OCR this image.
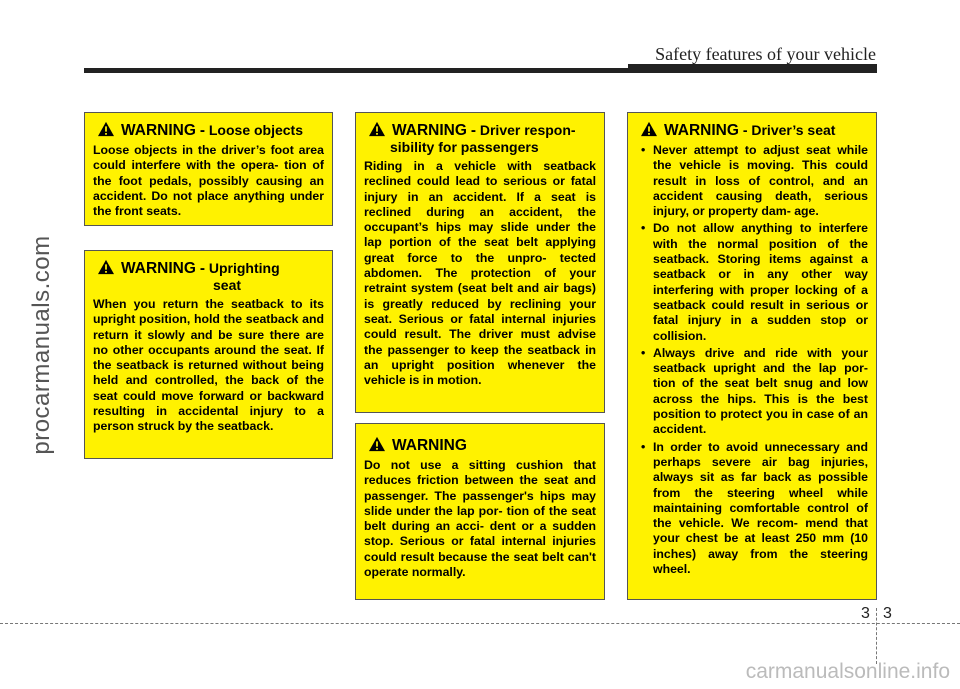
Safety features of your vehicle
procarmanuals.com
WARNING - Loose objects

Loose objects in the driver’s foot area could interfere with the opera- tion of the foot pedals, possibly causing an accident. Do not place anything under the front seats.

WARNING - Uprighting
seat

When you return the seatback to its upright position, hold the seatback and return it slowly and be sure there are no other occupants around the seat. If the seatback is returned without being held and controlled, the back of the seat could move forward or backward resulting in accidental injury to a person struck by the seatback.

WARNING - Driver respon-
sibility for passengers

Riding in a vehicle with seatback reclined could lead to serious or fatal injury in an accident. If a seat is reclined during an accident, the occupant’s hips may slide under the lap portion of the seat belt applying great force to the unpro- tected abdomen. The protection of your retraint system (seat belt and air bags) is greatly reduced by reclining your seat. Serious or fatal internal injuries could result. The driver must advise the passenger to keep the seatback in an upright position whenever the vehicle is in motion.

WARNING

Do not use a sitting cushion that reduces friction between the seat and passenger. The passenger's hips may slide under the lap por- tion of the seat belt during an acci- dent or a sudden stop. Serious or fatal internal injuries could result because the seat belt can't operate normally.

WARNING - Driver’s seat
• Never attempt to adjust seat while the vehicle is moving. This could result in loss of control, and an accident causing death, serious injury, or property dam- age.
• Do not allow anything to interfere with the normal position of the seatback. Storing items against a seatback or in any other way interfering with proper locking of a seatback could result in serious or fatal injury in a sudden stop or collision.
• Always drive and ride with your seatback upright and the lap por- tion of the seat belt snug and low across the hips. This is the best position to protect you in case of an accident.
• In order to avoid unnecessary and perhaps severe air bag injuries, always sit as far back as possible from the steering wheel while maintaining comfortable control of the vehicle. We recom- mend that your chest be at least 250 mm (10 inches) away from the steering wheel.
3 3
carmanualsonline.info
